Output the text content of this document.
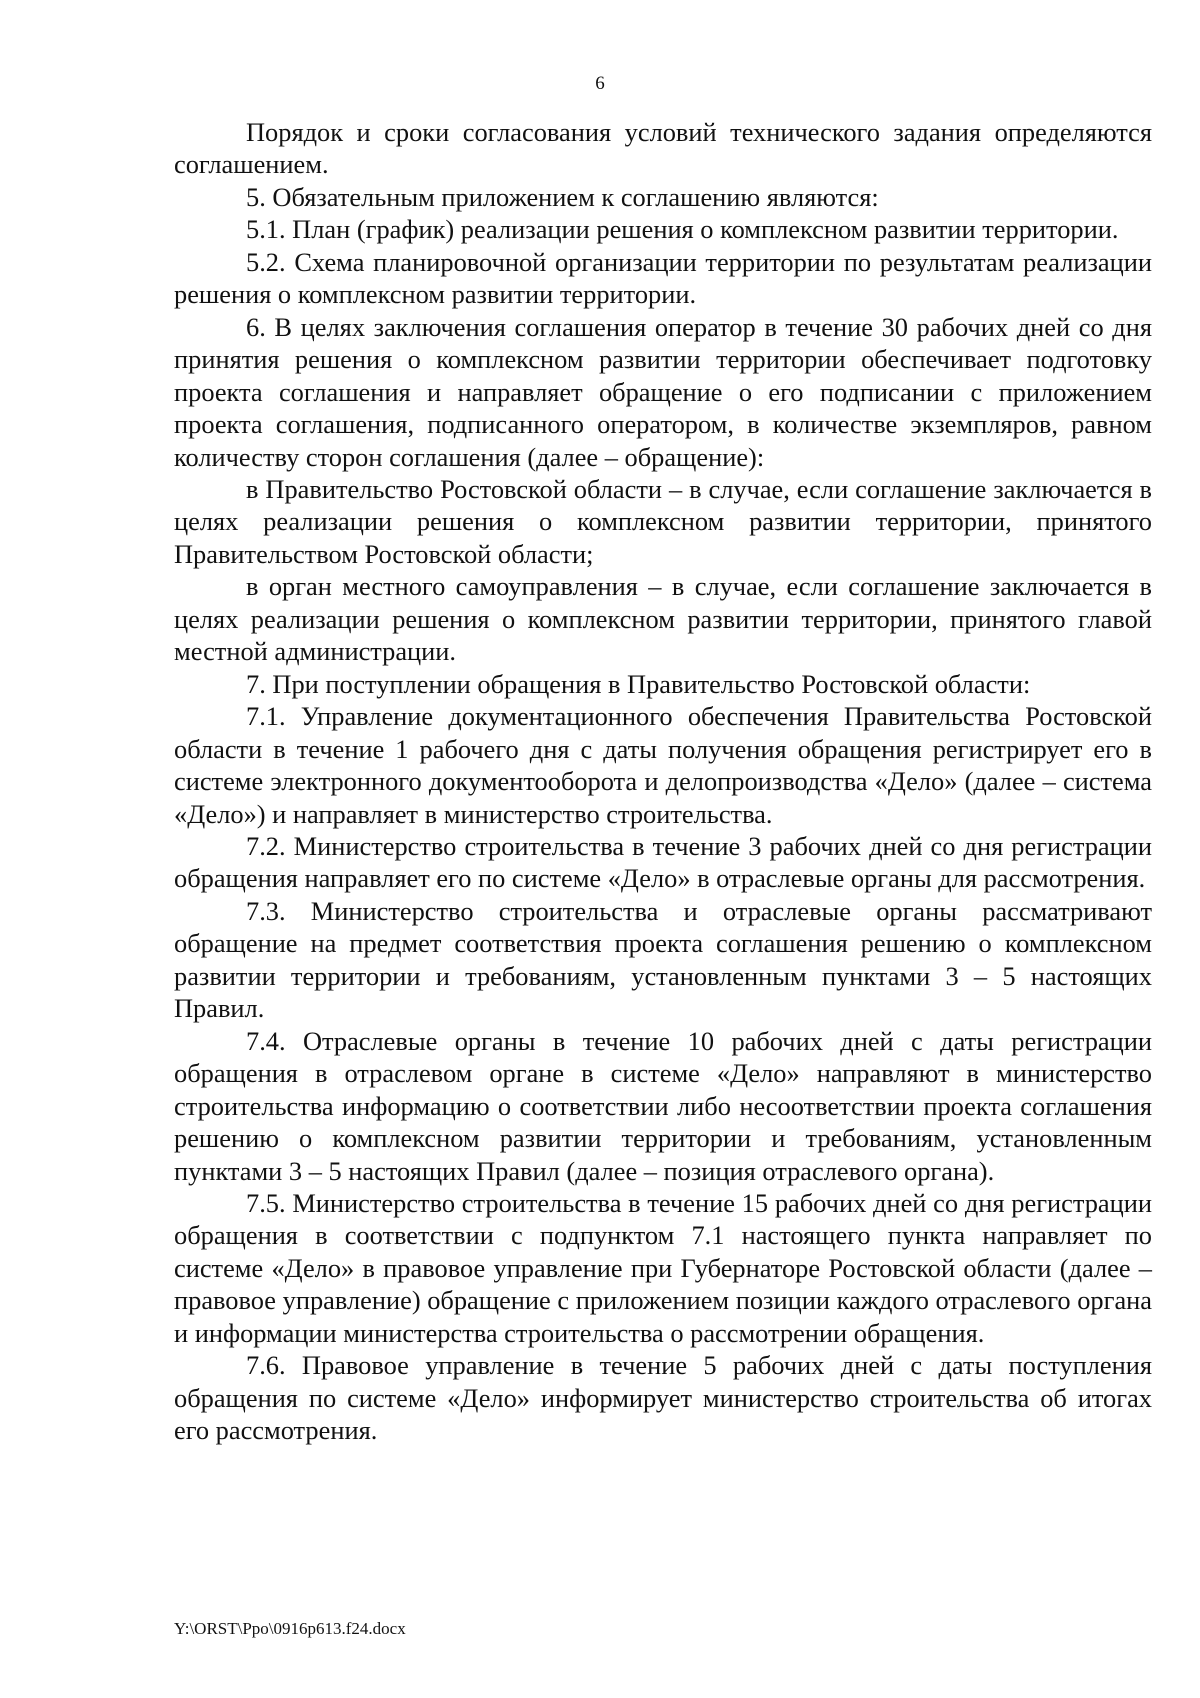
6

Порядок и сроки согласования условий технического задания определяются соглашением.

5. Обязательным приложением к соглашению являются:

5.1. План (график) реализации решения о комплексном развитии территории.

5.2. Схема планировочной организации территории по результатам реализации решения о комплексном развитии территории.

6. В целях заключения соглашения оператор в течение 30 рабочих дней со дня принятия решения о комплексном развитии территории обеспечивает подготовку проекта соглашения и направляет обращение о его подписании с приложением проекта соглашения, подписанного оператором, в количестве экземпляров, равном количеству сторон соглашения (далее – обращение):

в Правительство Ростовской области – в случае, если соглашение заключается в целях реализации решения о комплексном развитии территории, принятого Правительством Ростовской области;

в орган местного самоуправления – в случае, если соглашение заключается в целях реализации решения о комплексном развитии территории, принятого главой местной администрации.

7. При поступлении обращения в Правительство Ростовской области:

7.1. Управление документационного обеспечения Правительства Ростовской области в течение 1 рабочего дня с даты получения обращения регистрирует его в системе электронного документооборота и делопроизводства «Дело» (далее – система «Дело») и направляет в министерство строительства.

7.2. Министерство строительства в течение 3 рабочих дней со дня регистрации обращения направляет его по системе «Дело» в отраслевые органы для рассмотрения.

7.3. Министерство строительства и отраслевые органы рассматривают обращение на предмет соответствия проекта соглашения решению о комплексном развитии территории и требованиям, установленным пунктами 3 – 5 настоящих Правил.

7.4. Отраслевые органы в течение 10 рабочих дней с даты регистрации обращения в отраслевом органе в системе «Дело» направляют в министерство строительства информацию о соответствии либо несоответствии проекта соглашения решению о комплексном развитии территории и требованиям, установленным пунктами 3 – 5 настоящих Правил (далее – позиция отраслевого органа).

7.5. Министерство строительства в течение 15 рабочих дней со дня регистрации обращения в соответствии с подпунктом 7.1 настоящего пункта направляет по системе «Дело» в правовое управление при Губернаторе Ростовской области (далее – правовое управление) обращение с приложением позиции каждого отраслевого органа и информации министерства строительства о рассмотрении обращения.

7.6. Правовое управление в течение 5 рабочих дней с даты поступления обращения по системе «Дело» информирует министерство строительства об итогах его рассмотрения.

Y:\ORST\Ppo\0916p613.f24.docx
